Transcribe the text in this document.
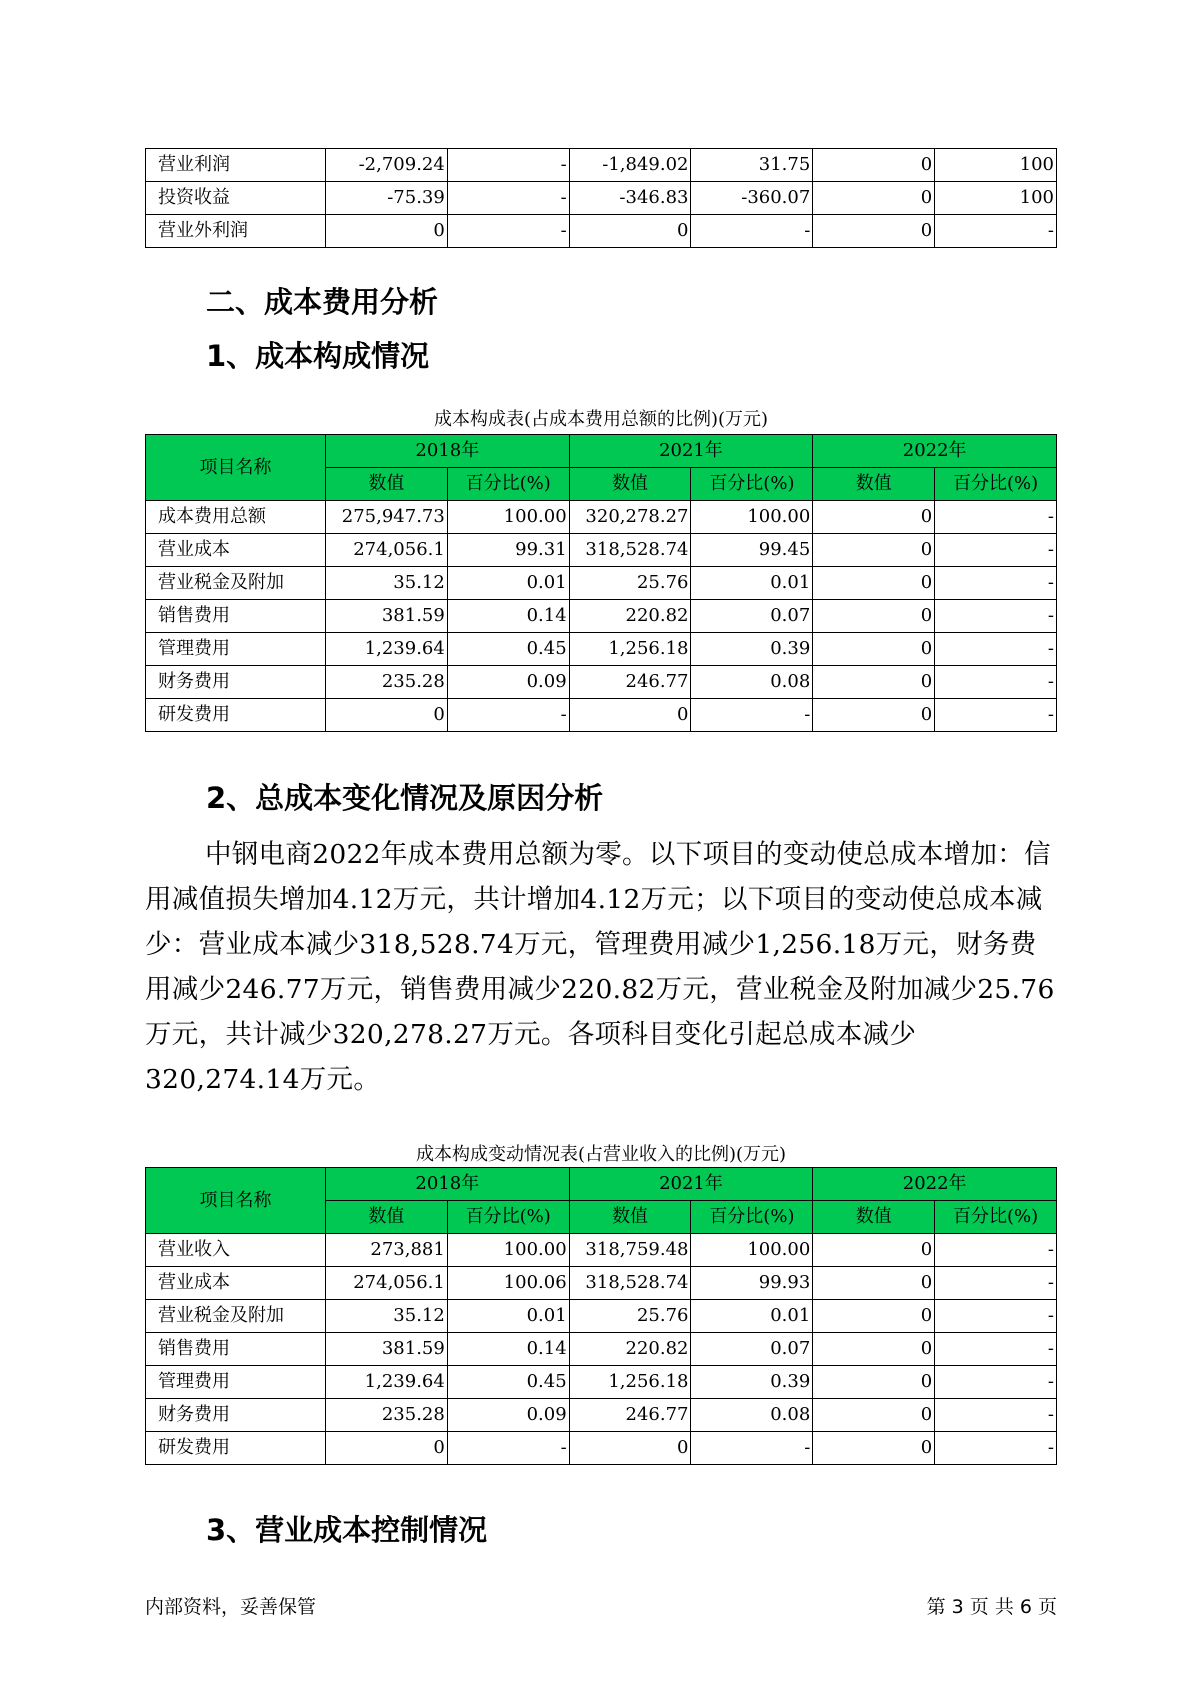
营业利润	-2,709.24	-	-1,849.02	31.75	0	100
投资收益	-75.39	-	-346.83	-360.07	0	100
营业外利润	0	-	0	-	0	-
二、成本费用分析
1、成本构成情况
成本构成表(占成本费用总额的比例)(万元)
项目名称	2018年		2021年		2022年	
	数值	百分比(%)	数值	百分比(%)	数值	百分比(%)
成本费用总额	275,947.73	100.00	320,278.27	100.00	0	-
营业成本	274,056.1	99.31	318,528.74	99.45	0	-
营业税金及附加	35.12	0.01	25.76	0.01	0	-
销售费用	381.59	0.14	220.82	0.07	0	-
管理费用	1,239.64	0.45	1,256.18	0.39	0	-
财务费用	235.28	0.09	246.77	0.08	0	-
研发费用	0	-	0	-	0	-
2、总成本变化情况及原因分析
中钢电商2022年成本费用总额为零。以下项目的变动使总成本增加：信用减值损失增加4.12万元，共计增加4.12万元；以下项目的变动使总成本减少：营业成本减少318,528.74万元，管理费用减少1,256.18万元，财务费用减少246.77万元，销售费用减少220.82万元，营业税金及附加减少25.76万元，共计减少320,278.27万元。各项科目变化引起总成本减少320,274.14万元。
成本构成变动情况表(占营业收入的比例)(万元)
项目名称	2018年		2021年		2022年	
	数值	百分比(%)	数值	百分比(%)	数值	百分比(%)
营业收入	273,881	100.00	318,759.48	100.00	0	-
营业成本	274,056.1	100.06	318,528.74	99.93	0	-
营业税金及附加	35.12	0.01	25.76	0.01	0	-
销售费用	381.59	0.14	220.82	0.07	0	-
管理费用	1,239.64	0.45	1,256.18	0.39	0	-
财务费用	235.28	0.09	246.77	0.08	0	-
研发费用	0	-	0	-	0	-
3、营业成本控制情况
内部资料，妥善保管	第 3 页 共 6 页
